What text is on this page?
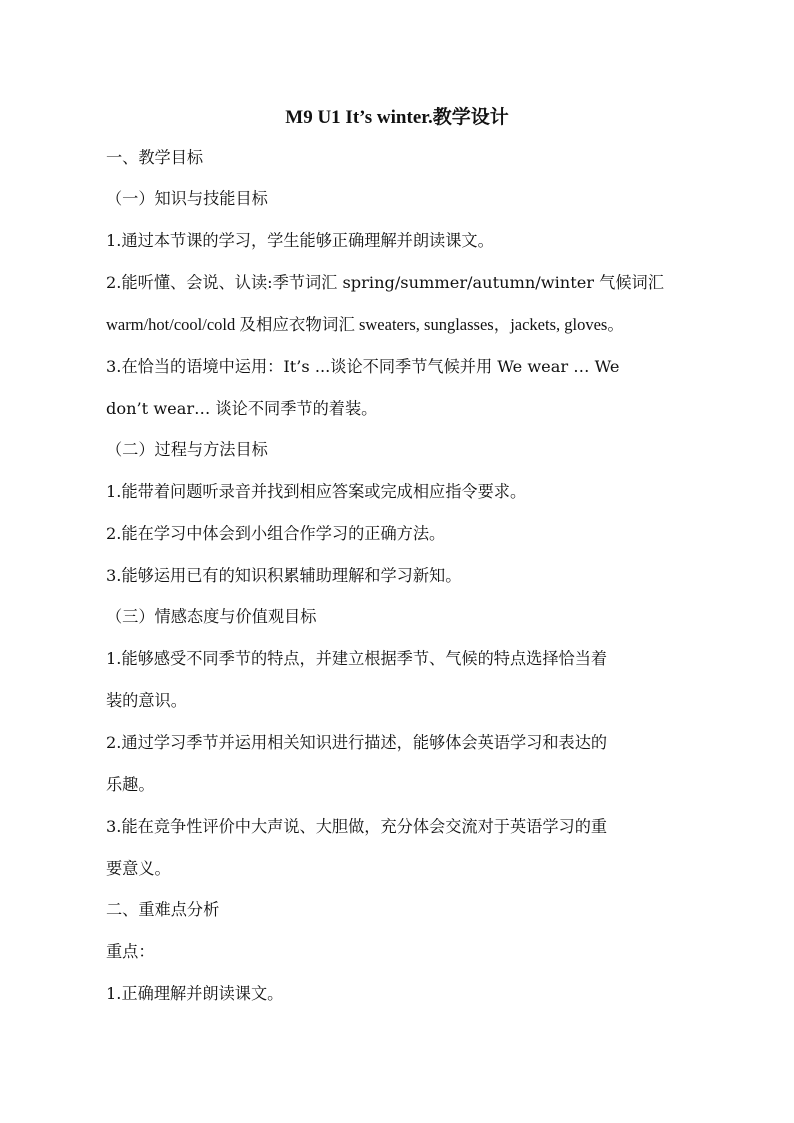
M9 U1 It’s winter.教学设计

一、教学目标

（一）知识与技能目标

1.通过本节课的学习，学生能够正确理解并朗读课文。

2.能听懂、会说、认读:季节词汇 spring/summer/autumn/winter 气候词汇

warm/hot/cool/cold 及相应衣物词汇 sweaters, sunglasses，jackets, gloves。

3.在恰当的语境中运用：It’s ...谈论不同季节气候并用 We wear … We

don’t wear… 谈论不同季节的着装。

（二）过程与方法目标

1.能带着问题听录音并找到相应答案或完成相应指令要求。

2.能在学习中体会到小组合作学习的正确方法。

3.能够运用已有的知识积累辅助理解和学习新知。

（三）情感态度与价值观目标

1.能够感受不同季节的特点，并建立根据季节、气候的特点选择恰当着

装的意识。

2.通过学习季节并运用相关知识进行描述，能够体会英语学习和表达的

乐趣。

3.能在竞争性评价中大声说、大胆做，充分体会交流对于英语学习的重

要意义。

二、重难点分析

重点：

1.正确理解并朗读课文。
